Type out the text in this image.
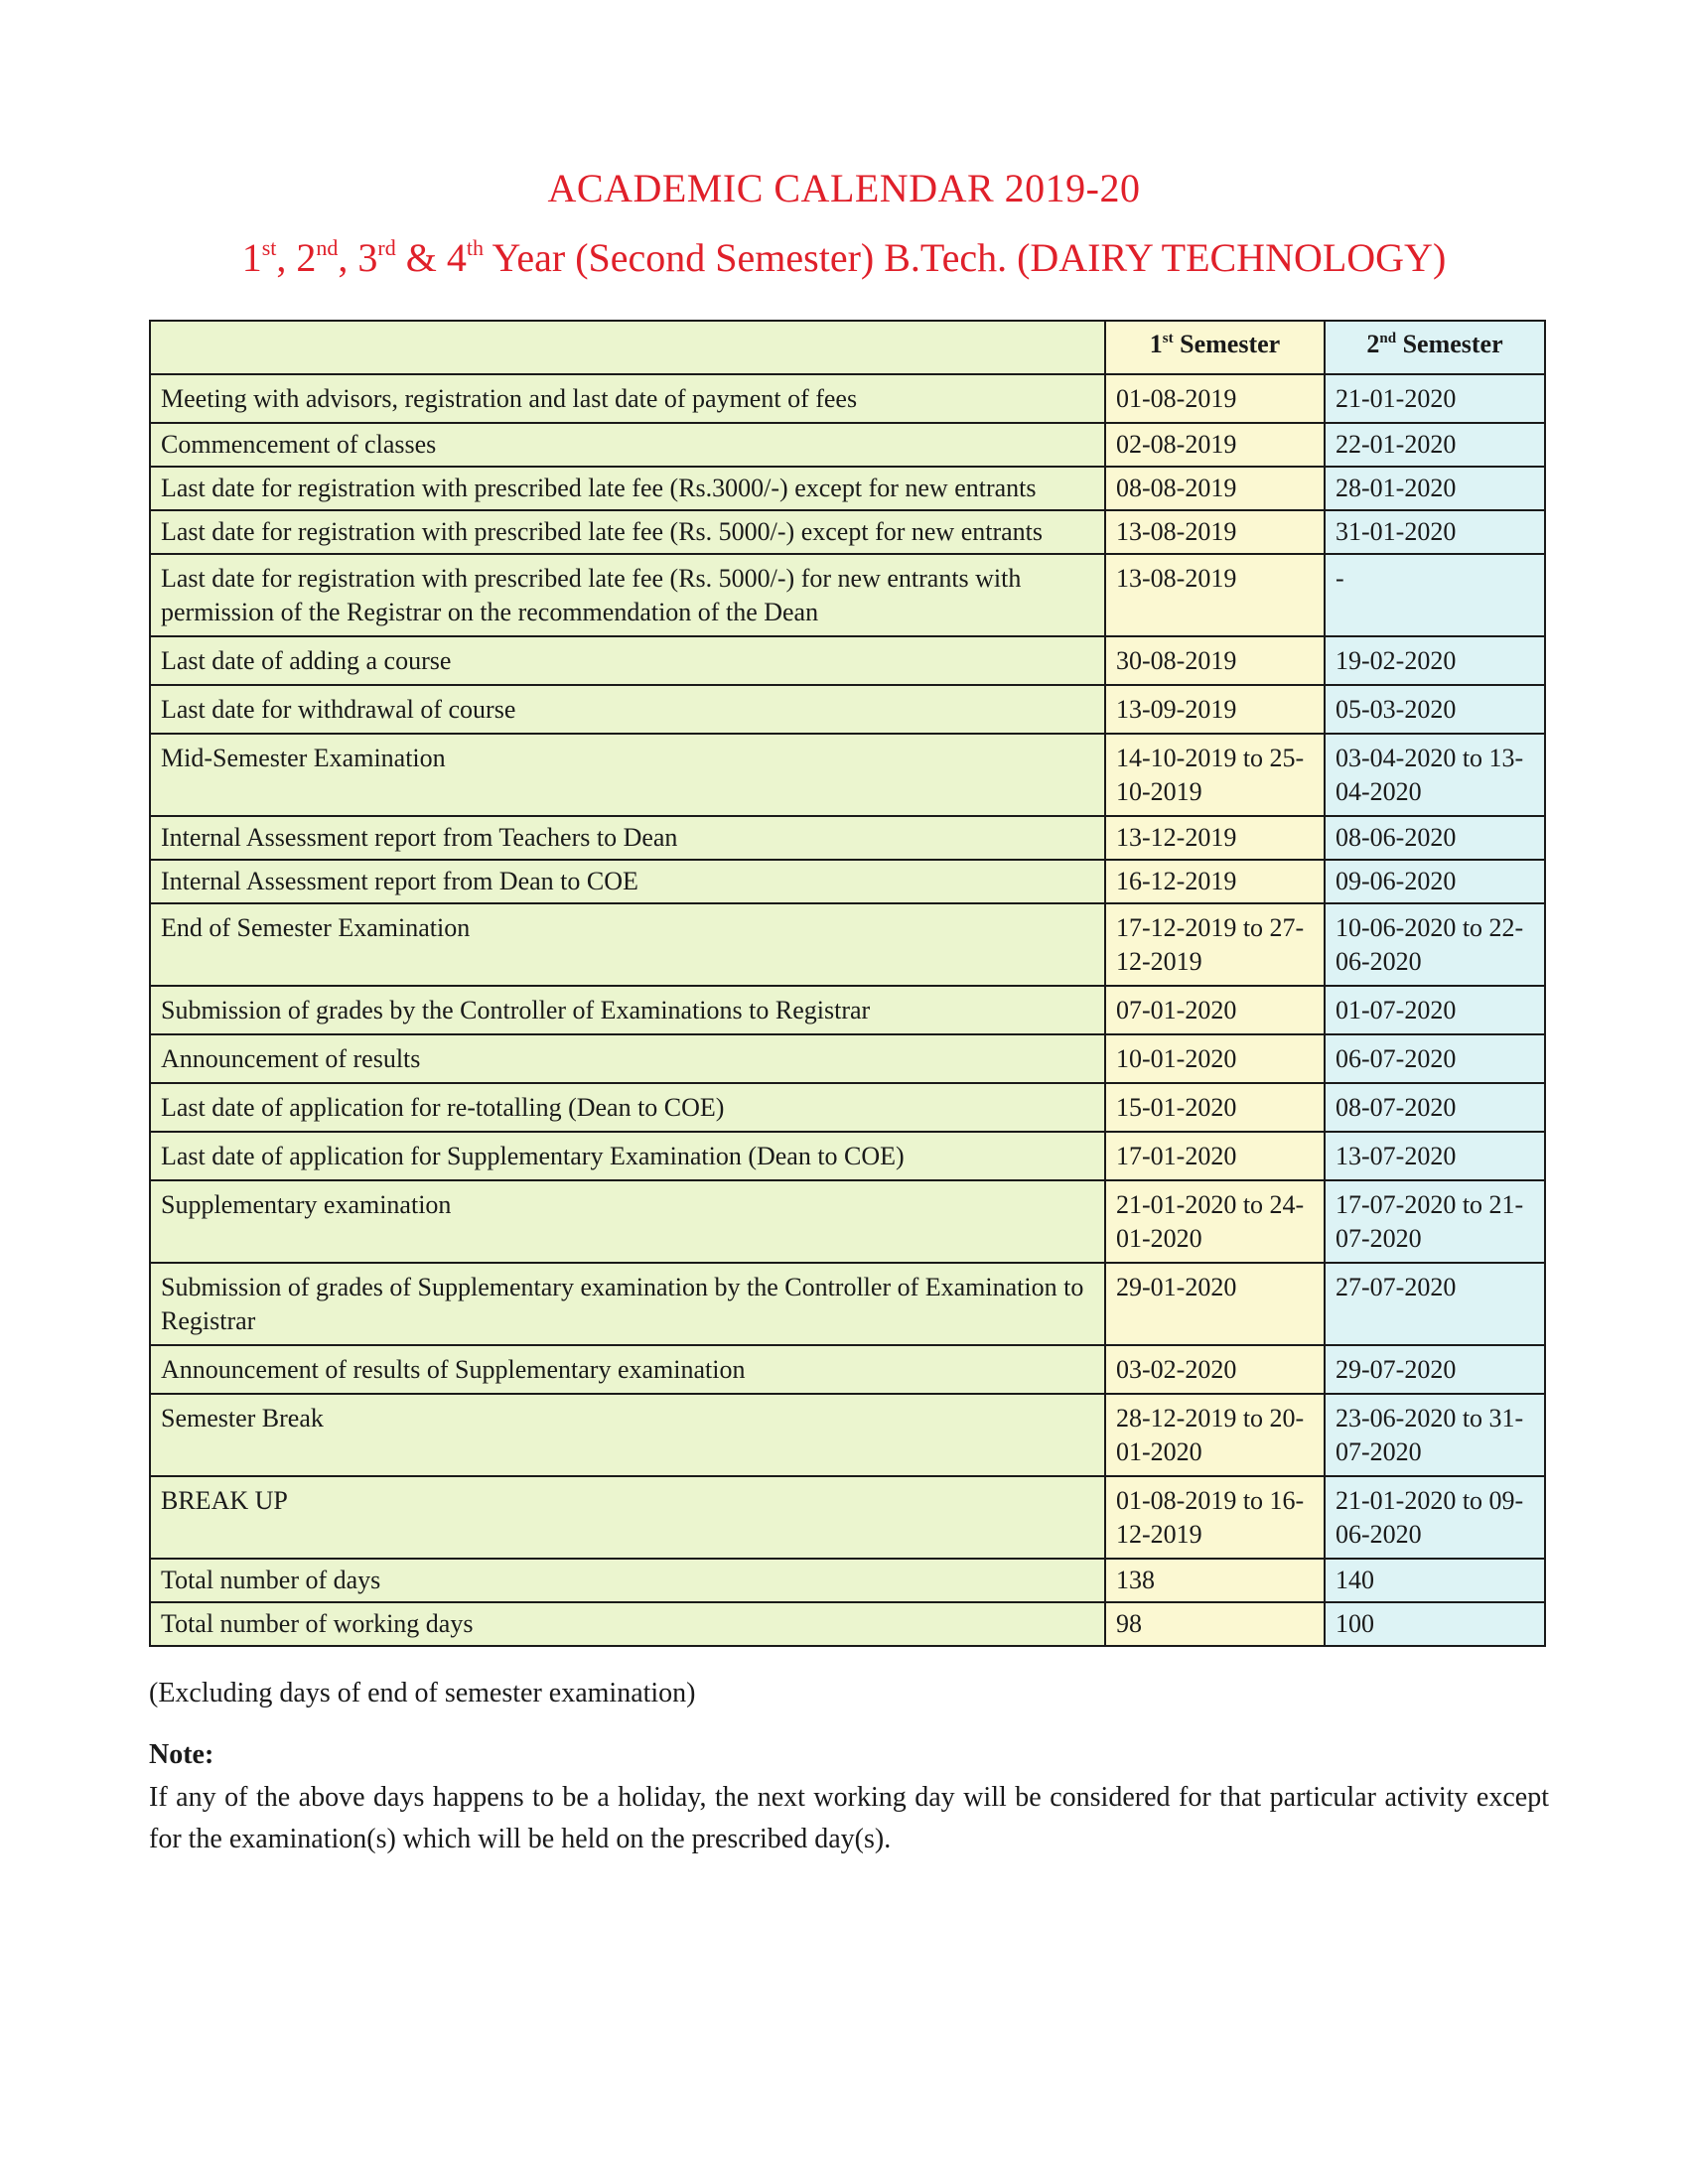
ACADEMIC CALENDAR 2019-20
1st, 2nd, 3rd & 4th Year (Second Semester) B.Tech. (DAIRY TECHNOLOGY)
	1st Semester	2nd Semester
Meeting with advisors, registration and last date of payment of fees	01-08-2019	21-01-2020
Commencement of classes	02-08-2019	22-01-2020
Last date for registration with prescribed late fee (Rs.3000/-) except for new entrants	08-08-2019	28-01-2020
Last date for registration with prescribed late fee (Rs. 5000/-) except for new entrants	13-08-2019	31-01-2020
Last date for registration with prescribed late fee (Rs. 5000/-) for new entrants with permission of the Registrar on the recommendation of the Dean	13-08-2019	-
Last date of adding a course	30-08-2019	19-02-2020
Last date for withdrawal of course	13-09-2019	05-03-2020
Mid-Semester Examination	14-10-2019 to 25-10-2019	03-04-2020 to 13-04-2020
Internal Assessment report from Teachers to Dean	13-12-2019	08-06-2020
Internal Assessment report from Dean to COE	16-12-2019	09-06-2020
End of Semester Examination	17-12-2019 to 27-12-2019	10-06-2020 to 22-06-2020
Submission of grades by the Controller of Examinations to Registrar	07-01-2020	01-07-2020
Announcement of results	10-01-2020	06-07-2020
Last date of application for re-totalling (Dean to COE)	15-01-2020	08-07-2020
Last date of application for Supplementary Examination (Dean to COE)	17-01-2020	13-07-2020
Supplementary examination	21-01-2020 to 24-01-2020	17-07-2020 to 21-07-2020
Submission of grades of Supplementary examination by the Controller of Examination to Registrar	29-01-2020	27-07-2020
Announcement of results of Supplementary examination	03-02-2020	29-07-2020
Semester Break	28-12-2019 to 20-01-2020	23-06-2020 to 31-07-2020
BREAK UP	01-08-2019 to 16-12-2019	21-01-2020 to 09-06-2020
Total number of days	138	140
Total number of working days	98	100
(Excluding days of end of semester examination)
Note:
If any of the above days happens to be a holiday, the next working day will be considered for that particular activity except for the examination(s) which will be held on the prescribed day(s).
